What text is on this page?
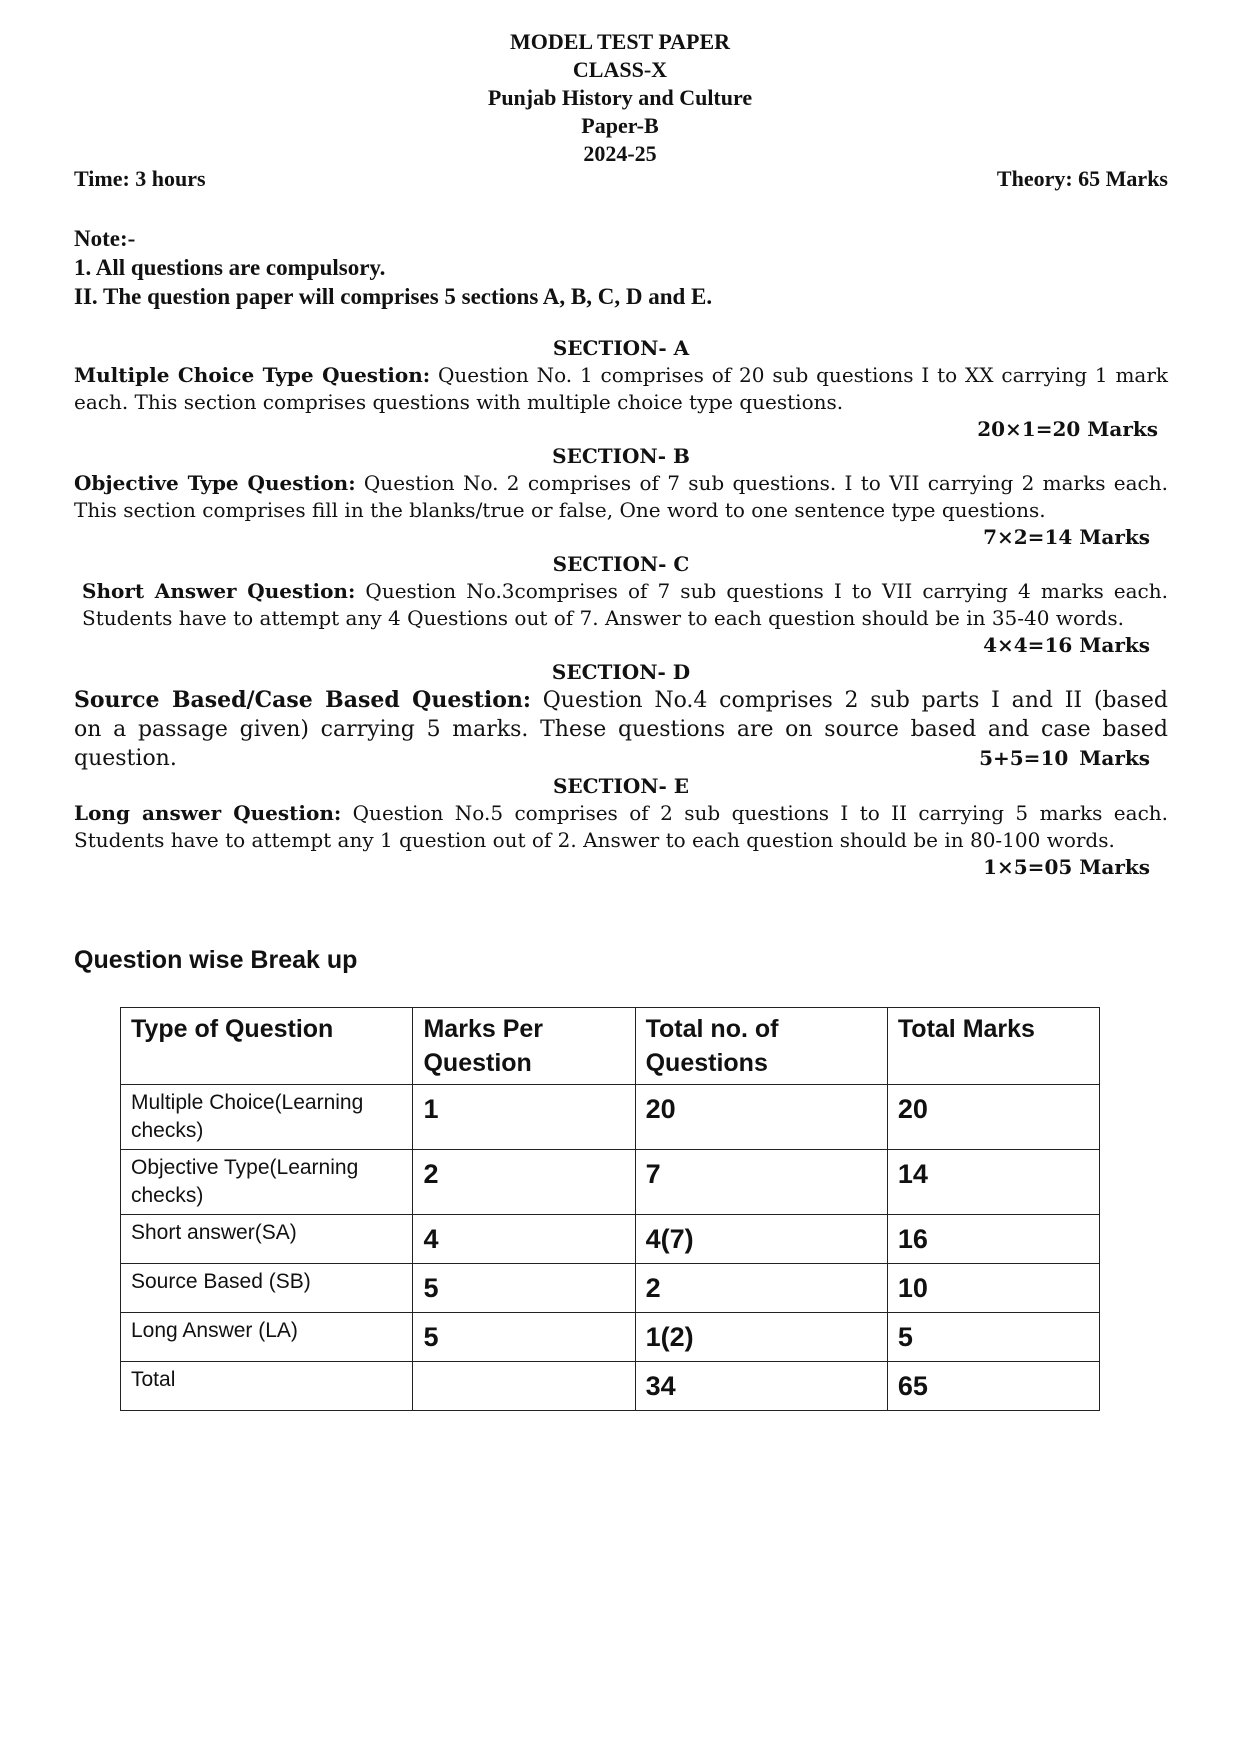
MODEL TEST PAPER
CLASS-X
Punjab History and Culture
Paper-B
2024-25
Time: 3 hours	Theory: 65 Marks
Note:-
1. All questions are compulsory.
II. The question paper will comprises 5 sections A, B, C, D and E.
SECTION- A
Multiple Choice Type Question: Question No. 1 comprises of 20 sub questions I to XX carrying 1 mark each. This section comprises questions with multiple choice type questions.
20×1=20 Marks
SECTION- B
Objective Type Question: Question No. 2 comprises of 7 sub questions. I to VII carrying 2 marks each. This section comprises fill in the blanks/true or false, One word to one sentence type questions.
7×2=14 Marks
SECTION- C
Short Answer Question: Question No.3comprises of 7 sub questions I to VII carrying 4 marks each. Students have to attempt any 4 Questions out of 7. Answer to each question should be in 35-40 words.
4×4=16 Marks
SECTION- D
Source Based/Case Based Question: Question No.4 comprises 2 sub parts I and II (based on a passage given) carrying 5 marks. These questions are on source based and case based question.	5+5=10 Marks
SECTION- E
Long answer Question: Question No.5 comprises of 2 sub questions I to II carrying 5 marks each. Students have to attempt any 1 question out of 2. Answer to each question should be in 80-100 words.
1×5=05 Marks
Question wise Break up
Type of Question	Marks Per Question	Total no. of Questions	Total Marks
Multiple Choice(Learning checks)	1	20	20
Objective Type(Learning checks)	2	7	14
Short answer(SA)	4	4(7)	16
Source Based (SB)	5	2	10
Long Answer (LA)	5	1(2)	5
Total		34	65
